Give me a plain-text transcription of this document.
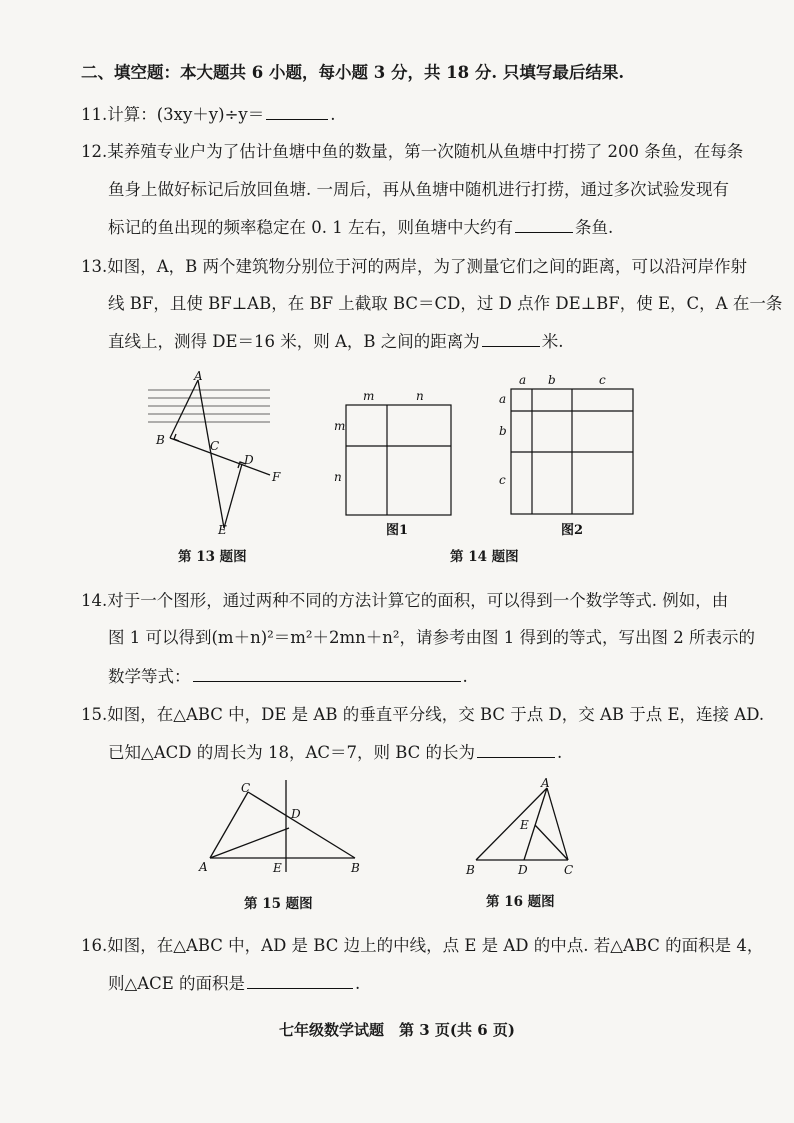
二、填空题：本大题共 6 小题，每小题 3 分，共 18 分. 只填写最后结果.
11.计算：(3xy＋y)÷y＝	.
12.某养殖专业户为了估计鱼塘中鱼的数量，第一次随机从鱼塘中打捞了 200 条鱼，在每条
鱼身上做好标记后放回鱼塘. 一周后，再从鱼塘中随机进行打捞，通过多次试验发现有
标记的鱼出现的频率稳定在 0. 1 左右，则鱼塘中大约有	条鱼.
13.如图，A，B 两个建筑物分别位于河的两岸，为了测量它们之间的距离，可以沿河岸作射
线 BF，且使 BF⊥AB，在 BF 上截取 BC＝CD，过 D 点作 DE⊥BF，使 E，C，A 在一条
直线上，测得 DE＝16 米，则 A，B 之间的距离为	米.
A
B	C
D
F
E
第 13 题图
m	n
m
n
图1
a b	c
a
b
c
图2
第 14 题图
14.对于一个图形，通过两种不同的方法计算它的面积，可以得到一个数学等式. 例如，由
图 1 可以得到(m＋n)²＝m²＋2mn＋n²，请参考由图 1 得到的等式，写出图 2 所表示的
数学等式：	.
15.如图，在△ABC 中，DE 是 AB 的垂直平分线，交 BC 于点 D，交 AB 于点 E，连接 AD.
已知△ACD 的周长为 18，AC＝7，则 BC 的长为	.
C
D
A	E	B
第 15 题图
A
E
B	D	C
第 16 题图
16.如图，在△ABC 中，AD 是 BC 边上的中线，点 E 是 AD 的中点. 若△ABC 的面积是 4，
则△ACE 的面积是	.
七年级数学试题　第 3 页(共 6 页)
